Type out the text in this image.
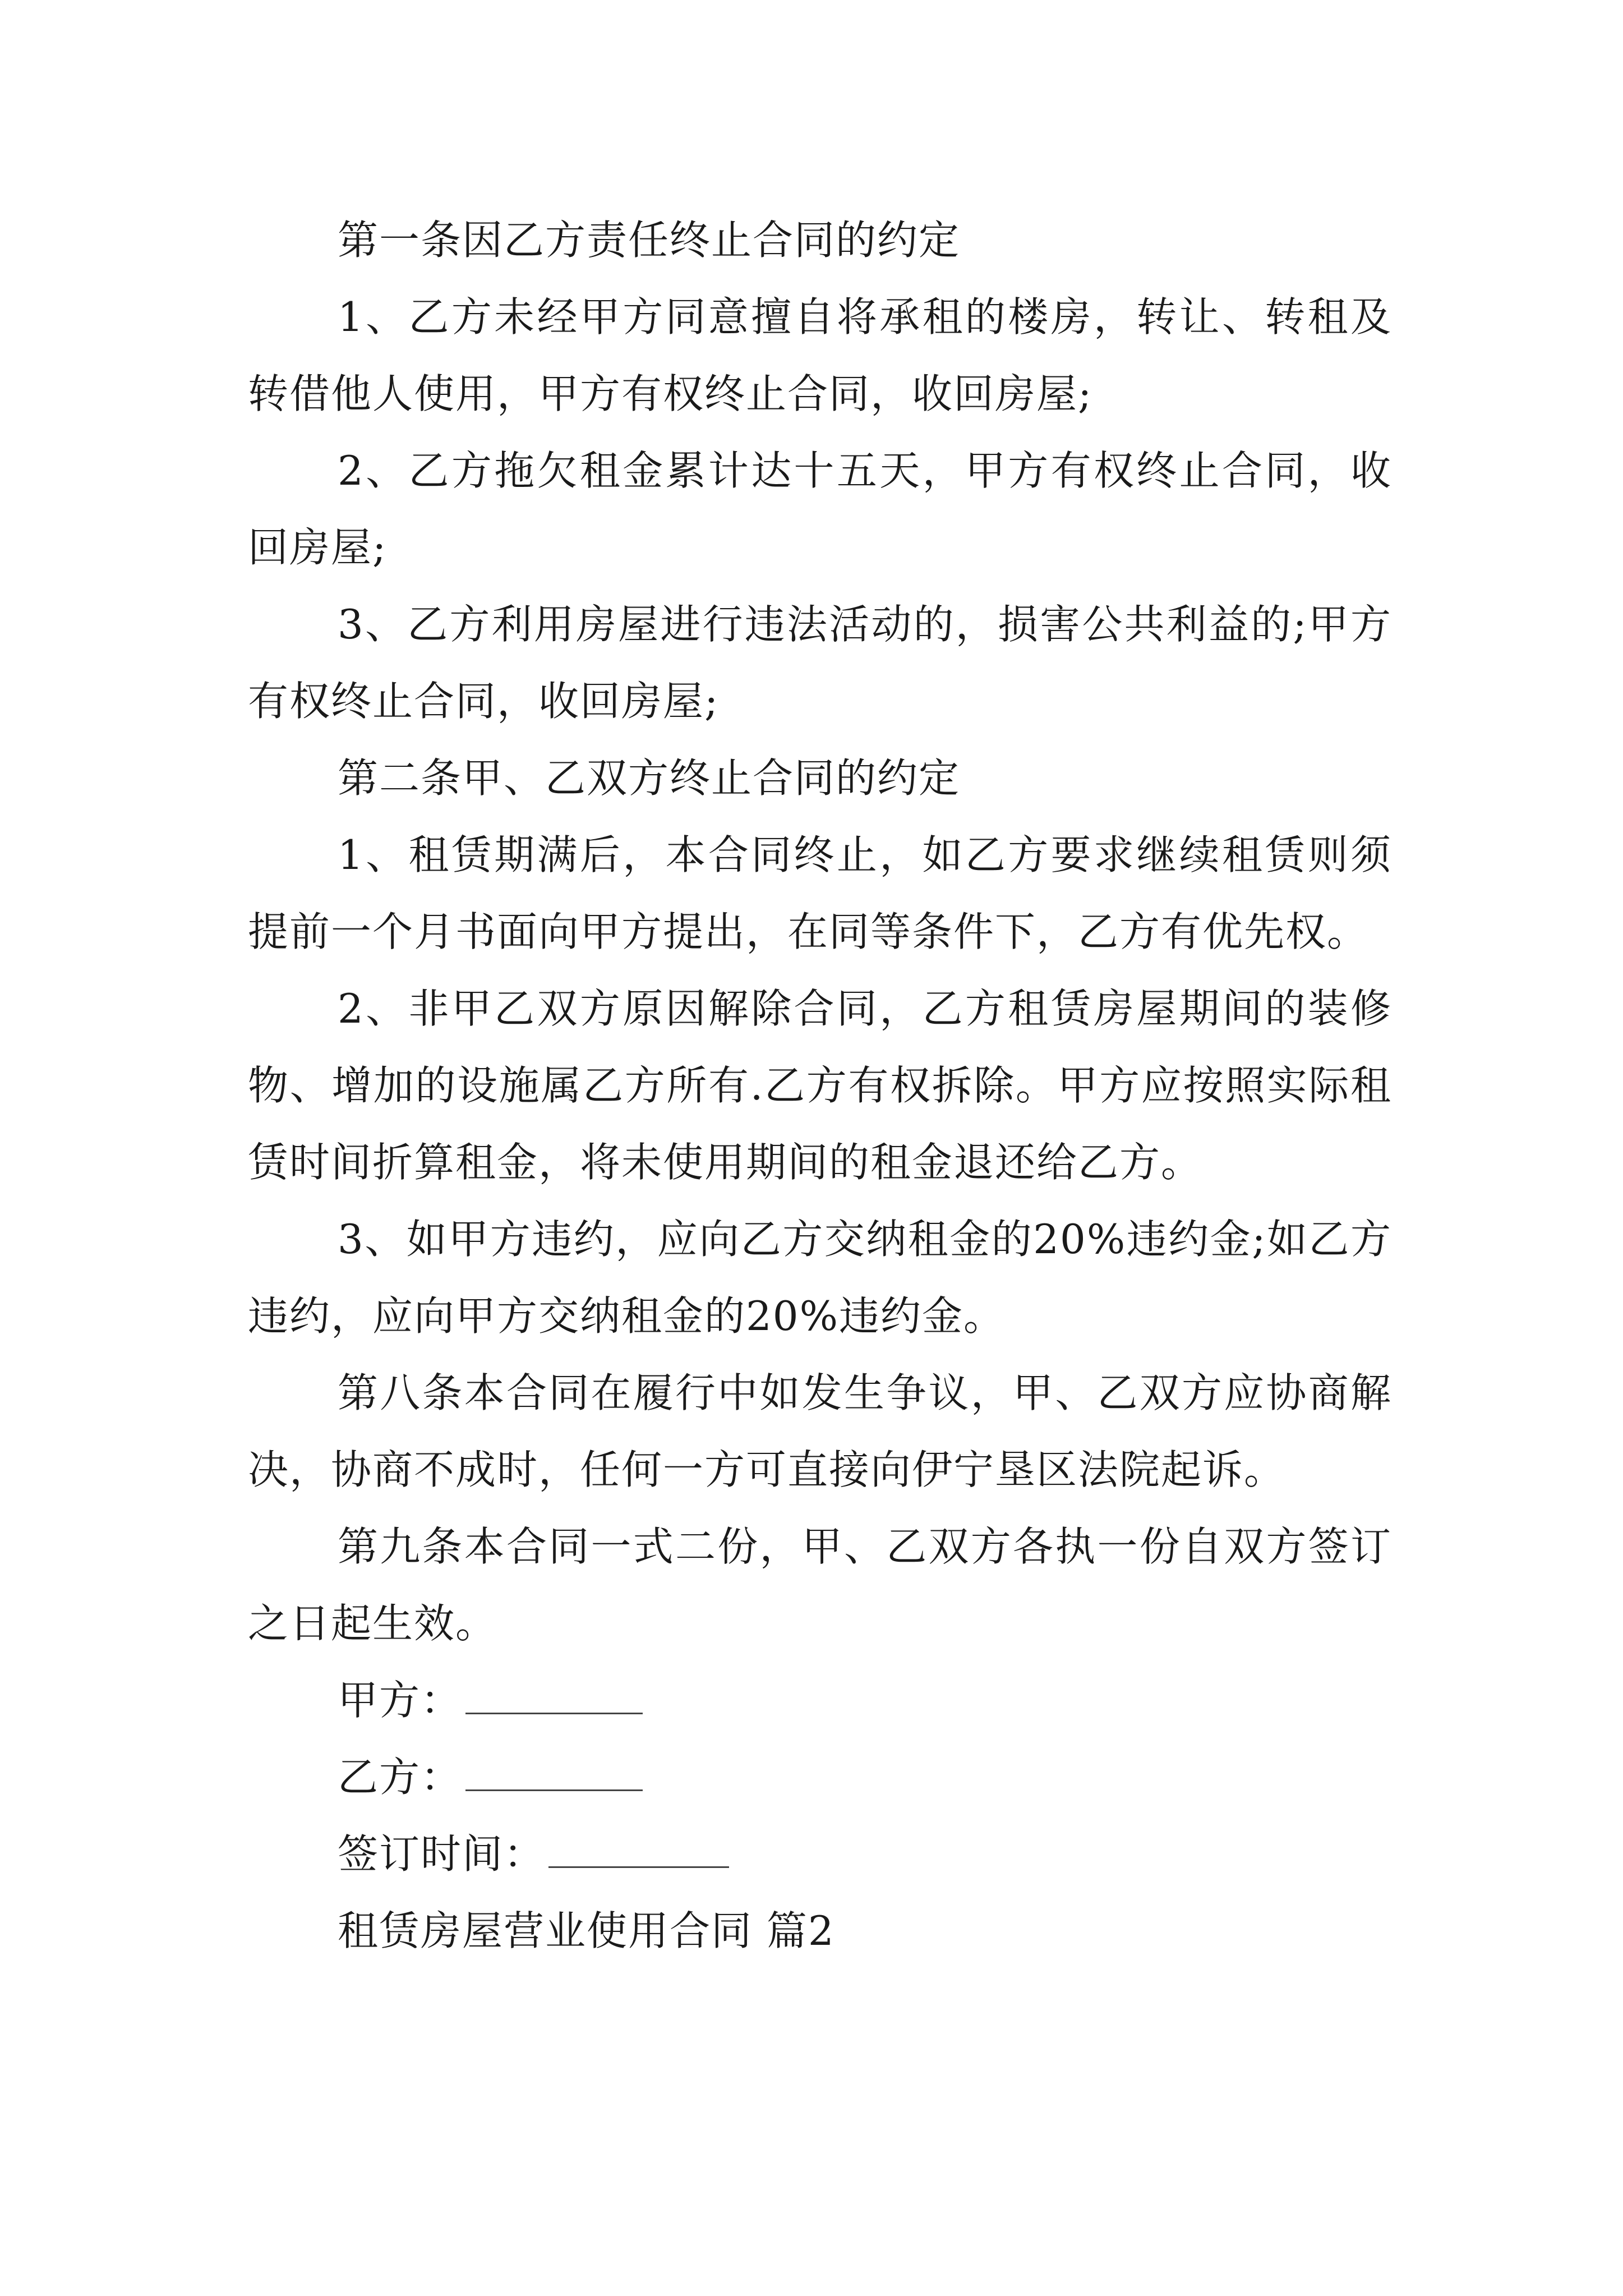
第一条因乙方责任终止合同的约定

1、乙方未经甲方同意擅自将承租的楼房，转让、转租及转借他人使用，甲方有权终止合同，收回房屋;

2、乙方拖欠租金累计达十五天，甲方有权终止合同，收回房屋;

3、乙方利用房屋进行违法活动的，损害公共利益的;甲方有权终止合同，收回房屋;

第二条甲、乙双方终止合同的约定

1、租赁期满后，本合同终止，如乙方要求继续租赁则须提前一个月书面向甲方提出，在同等条件下，乙方有优先权。

2、非甲乙双方原因解除合同，乙方租赁房屋期间的装修物、增加的设施属乙方所有.乙方有权拆除。甲方应按照实际租赁时间折算租金，将未使用期间的租金退还给乙方。

3、如甲方违约，应向乙方交纳租金的20%违约金;如乙方违约，应向甲方交纳租金的20%违约金。

第八条本合同在履行中如发生争议，甲、乙双方应协商解决，协商不成时，任何一方可直接向伊宁垦区法院起诉。

第九条本合同一式二份，甲、乙双方各执一份自双方签订之日起生效。

甲方：

乙方：

签订时间：

租赁房屋营业使用合同 篇2
